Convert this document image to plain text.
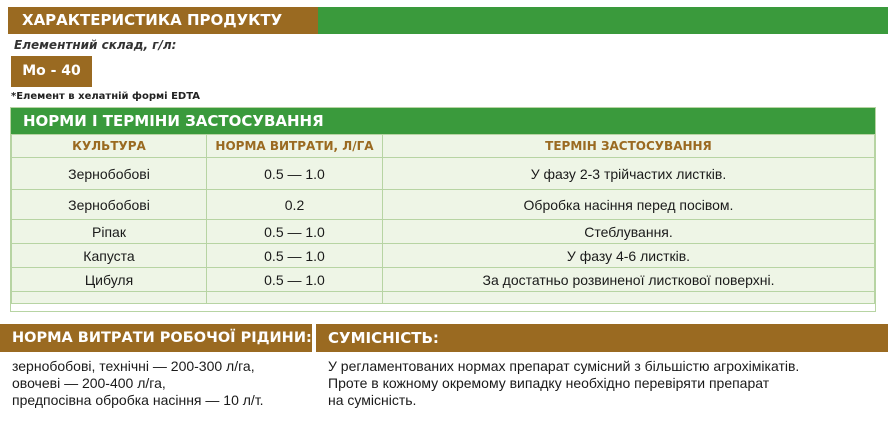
ХАРАКТЕРИСТИКА ПРОДУКТУ
Елементний склад, г/л:
Mo - 40
*Елемент в хелатній формі EDTA
НОРМИ І ТЕРМІНИ ЗАСТОСУВАННЯ
КУЛЬТУРА	НОРМА ВИТРАТИ, Л/ГА	ТЕРМІН ЗАСТОСУВАННЯ
Зернобобові	0.5 — 1.0	У фазу 2-3 трійчастих листків.
Зернобобові	0.2	Обробка насіння перед посівом.
Ріпак	0.5 — 1.0	Стеблування.
Капуста	0.5 — 1.0	У фазу 4-6 листків.
Цибуля	0.5 — 1.0	За достатньо розвиненої листкової поверхні.

НОРМА ВИТРАТИ РОБОЧОЇ РІДИНИ:	СУМІСНІСТЬ:
зернобобові, технічні — 200-300 л/га,
овочеві — 200-400 л/га,
предпосівна обробка насіння — 10 л/т.
У регламентованих нормах препарат сумісний з більшістю агрохімікатів.
Проте в кожному окремому випадку необхідно перевіряти препарат
на сумісність.
